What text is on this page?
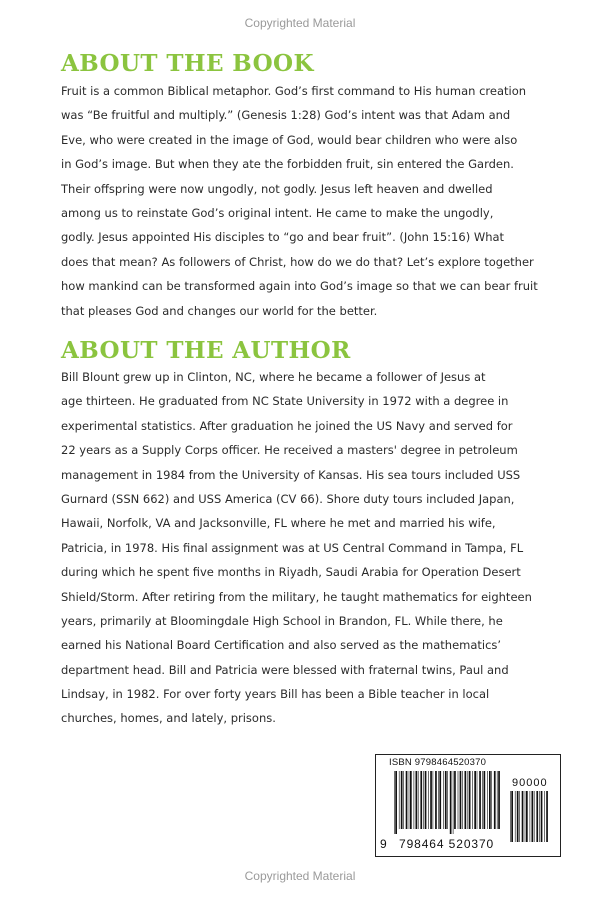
Copyrighted Material
ABOUT THE BOOK
Fruit is a common Biblical metaphor. God’s first command to His human creation
was “Be fruitful and multiply.” (Genesis 1:28) God’s intent was that Adam and
Eve, who were created in the image of God, would bear children who were also
in God’s image. But when they ate the forbidden fruit, sin entered the Garden.
Their offspring were now ungodly, not godly. Jesus left heaven and dwelled
among us to reinstate God’s original intent. He came to make the ungodly,
godly. Jesus appointed His disciples to “go and bear fruit”. (John 15:16) What
does that mean? As followers of Christ, how do we do that? Let’s explore together
how mankind can be transformed again into God’s image so that we can bear fruit
that pleases God and changes our world for the better.
ABOUT THE AUTHOR
Bill Blount grew up in Clinton, NC, where he became a follower of Jesus at
age thirteen. He graduated from NC State University in 1972 with a degree in
experimental statistics. After graduation he joined the US Navy and served for
22 years as a Supply Corps officer. He received a masters' degree in petroleum
management in 1984 from the University of Kansas. His sea tours included USS
Gurnard (SSN 662) and USS America (CV 66). Shore duty tours included Japan,
Hawaii, Norfolk, VA and Jacksonville, FL where he met and married his wife,
Patricia, in 1978. His final assignment was at US Central Command in Tampa, FL
during which he spent five months in Riyadh, Saudi Arabia for Operation Desert
Shield/Storm. After retiring from the military, he taught mathematics for eighteen
years, primarily at Bloomingdale High School in Brandon, FL. While there, he
earned his National Board Certification and also served as the mathematics’
department head. Bill and Patricia were blessed with fraternal twins, Paul and
Lindsay, in 1982. For over forty years Bill has been a Bible teacher in local
churches, homes, and lately, prisons.
ISBN 9798464520370
90000
9 798464 520370
Copyrighted Material
